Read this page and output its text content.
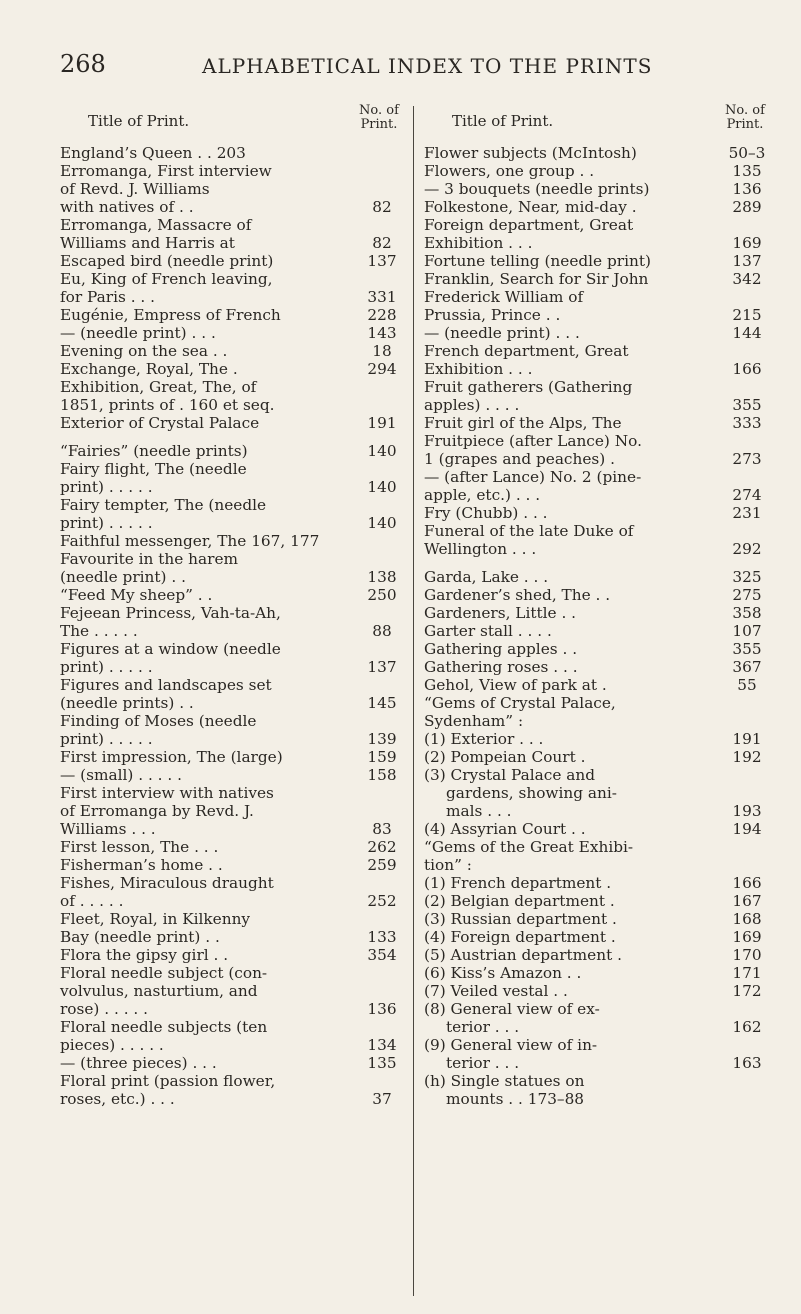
268	ALPHABETICAL INDEX TO THE PRINTS
Title of Print.
No. of
Print.
England’s Queen . . 203
Erromanga, First interview
of Revd. J. Williams
with natives of . .	82
Erromanga, Massacre of
Williams and Harris at	82
Escaped bird (needle print)	137
Eu, King of French leaving,
for Paris . . .	331
Eugénie, Empress of French	228
— (needle print) . . .	143
Evening on the sea . .	18
Exchange, Royal, The .	294
Exhibition, Great, The, of
1851, prints of . 160 et seq.
Exterior of Crystal Palace	191
“Fairies” (needle prints)	140
Fairy flight, The (needle
print) . . . . .	140
Fairy tempter, The (needle
print) . . . . .	140
Faithful messenger, The 167, 177
Favourite in the harem
(needle print) . .	138
“Feed My sheep” . .	250
Fejeean Princess, Vah-ta-Ah,
The . . . . .	88
Figures at a window (needle
print) . . . . .	137
Figures and landscapes set
(needle prints) . .	145
Finding of Moses (needle
print) . . . . .	139
First impression, The (large)	159
— (small) . . . . .	158
First interview with natives
of Erromanga by Revd. J.
Williams . . .	83
First lesson, The . . .	262
Fisherman’s home . .	259
Fishes, Miraculous draught
of . . . . .	252
Fleet, Royal, in Kilkenny
Bay (needle print) . .	133
Flora the gipsy girl . .	354
Floral needle subject (con-
volvulus, nasturtium, and
rose) . . . . .	136
Floral needle subjects (ten
pieces) . . . . .	134
— (three pieces) . . .	135
Floral print (passion flower,
roses, etc.) . . .	37
Title of Print.
No. of
Print.
Flower subjects (McIntosh)	50–3
Flowers, one group . .	135
— 3 bouquets (needle prints)	136
Folkestone, Near, mid-day .	289
Foreign department, Great
Exhibition . . .	169
Fortune telling (needle print)	137
Franklin, Search for Sir John	342
Frederick William of
Prussia, Prince . .	215
— (needle print) . . .	144
French department, Great
Exhibition . . .	166
Fruit gatherers (Gathering
apples) . . . .	355
Fruit girl of the Alps, The	333
Fruitpiece (after Lance) No.
1 (grapes and peaches) .	273
— (after Lance) No. 2 (pine-
apple, etc.) . . .	274
Fry (Chubb) . . .	231
Funeral of the late Duke of
Wellington . . .	292
Garda, Lake . . .	325
Gardener’s shed, The . .	275
Gardeners, Little . .	358
Garter stall . . . .	107
Gathering apples . .	355
Gathering roses . . .	367
Gehol, View of park at .	55
“Gems of Crystal Palace,
Sydenham” :
(1) Exterior . . .	191
(2) Pompeian Court .	192
(3) Crystal Palace and
gardens, showing ani-
mals . . .	193
(4) Assyrian Court . .	194
“Gems of the Great Exhibi-
tion” :
(1) French department .	166
(2) Belgian department .	167
(3) Russian department .	168
(4) Foreign department .	169
(5) Austrian department .	170
(6) Kiss’s Amazon . .	171
(7) Veiled vestal . .	172
(8) General view of ex-
terior . . .	162
(9) General view of in-
terior . . .	163
(h) Single statues on
mounts . . 173–88
